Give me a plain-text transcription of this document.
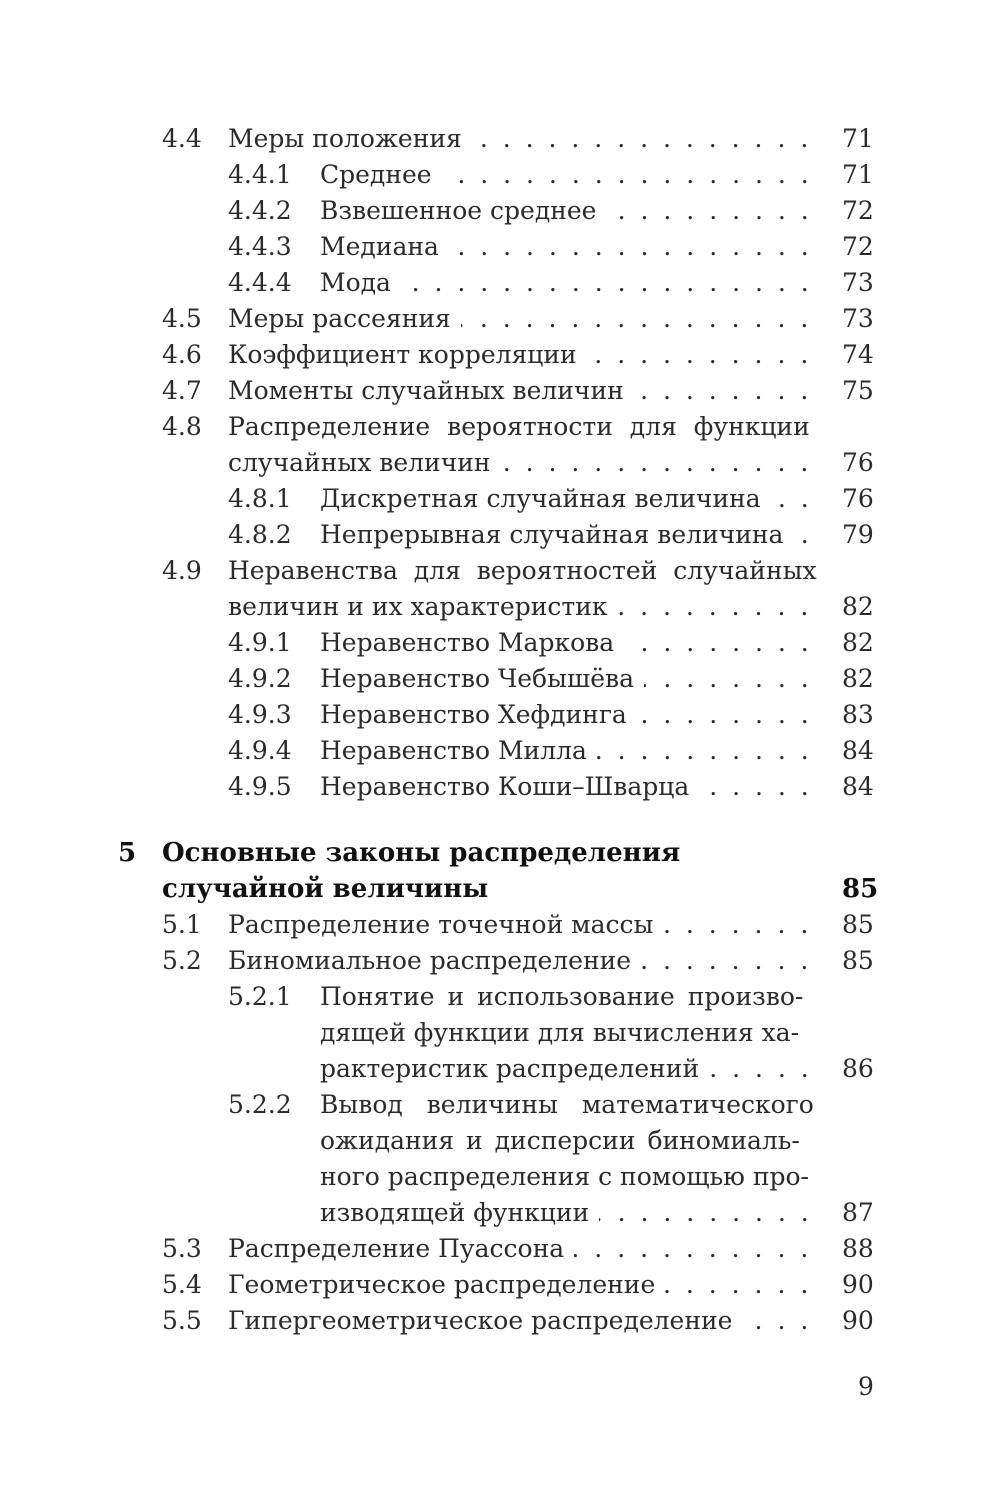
4.4 Меры положения . . .	71
4.4.1 Среднее . . .	71
4.4.2 Взвешенное среднее . . .	72
4.4.3 Медиана . . .	72
4.4.4 Мода . . .	73
4.5 Меры рассеяния . . .	73
4.6 Коэффициент корреляции . . .	74
4.7 Моменты случайных величин . . .	75
4.8 Распределение вероятности для функции
случайных величин . . .	76
4.8.1 Дискретная случайная величина . . .	76
4.8.2 Непрерывная случайная величина . . .	79
4.9 Неравенства для вероятностей случайных
величин и их характеристик . . .	82
4.9.1 Неравенство Маркова . . .	82
4.9.2 Неравенство Чебышёва . . .	82
4.9.3 Неравенство Хефдинга . . .	83
4.9.4 Неравенство Милла . . .	84
4.9.5 Неравенство Коши–Шварца . . .	84
5 Основные законы распределения
случайной величины	85
5.1 Распределение точечной массы . . .	85
5.2 Биномиальное распределение . . .	85
5.2.1 Понятие и использование произво-
дящей функции для вычисления ха-
рактеристик распределений . . .	86
5.2.2 Вывод величины математического
ожидания и дисперсии биномиаль-
ного распределения с помощью про-
изводящей функции . . .	87
5.3 Распределение Пуассона . . .	88
5.4 Геометрическое распределение . . .	90
5.5 Гипергеометрическое распределение . . .	90
9
